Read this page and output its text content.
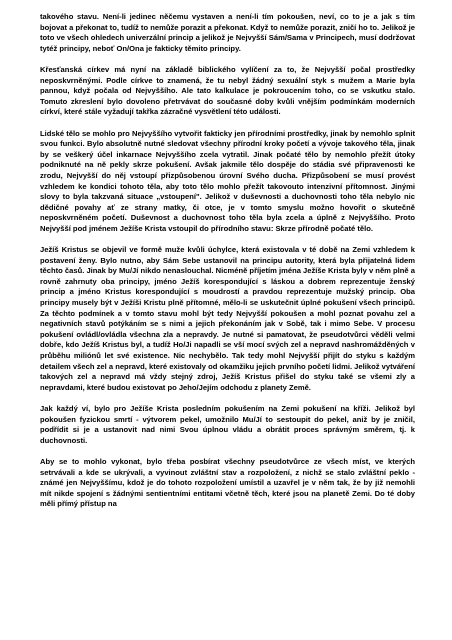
takového stavu. Není-li jedinec něčemu vystaven a není-li tím pokoušen, neví, co to je a jak s tím bojovat a překonat to, tudíž to nemůže porazit a překonat. Když to nemůže porazit, zničí ho to. Jelikož je toto ve všech ohledech univerzální princip a jelikož je Nejvyšší Sám/Sama v Principech, musí dodržovat tytéž principy, neboť On/Ona je fakticky těmito principy.

Křesťanská církev má nyní na základě biblického vylíčení za to, že Nejvyšší počal prostředky neposkvrněnými. Podle církve to znamená, že tu nebyl žádný sexuální styk s mužem a Marie byla pannou, když počala od Nejvyššího. Ale tato kalkulace je pokroucením toho, co se vskutku stalo. Tomuto zkreslení bylo dovoleno přetrvávat do současné doby kvůli vnějším podmínkám moderních církví, které stále vyžadují takřka zázračné vysvětlení této události.

Lidské tělo se mohlo pro Nejvyššího vytvořit fakticky jen přírodními prostředky, jinak by nemohlo splnit svou funkci. Bylo absolutně nutné sledovat všechny přírodní kroky početí a vývoje takového těla, jinak by se veškerý účel inkarnace Nejvyššího zcela vytratil. Jinak počaté tělo by nemohlo přežít útoky podniknuté na ně pekly skrze pokušení. Avšak jakmile tělo dospěje do stádia své připravenosti ke zrodu, Nejvyšší do něj vstoupí přizpůsobenou úrovní Svého ducha. Přizpůsobení se musí provést vzhledem ke kondici tohoto těla, aby toto tělo mohlo přežít takovouto intenzivní přítomnost. Jinými slovy to byla takzvaná situace „vstoupení". Jelikož v duševnosti a duchovnosti toho těla nebylo nic dědičné povahy ať ze strany matky, či otce, je v tomto smyslu možno hovořit o skutečně neposkvrněném početí. Duševnost a duchovnost toho těla byla zcela a úplně z Nejvyššího. Proto Nejvyšší pod jménem Ježíše Krista vstoupil do přírodního stavu: Skrze přírodně počaté tělo.

Ježíš Kristus se objevil ve formě muže kvůli úchylce, která existovala v té době na Zemi vzhledem k postavení ženy. Bylo nutno, aby Sám Sebe ustanovil na principu autority, která byla přijatelná lidem těchto časů. Jinak by Mu/Jí nikdo nenaslouchal. Nicméně příjetím jména Ježíše Krista byly v něm plně a rovně zahrnuty oba principy, jméno Ježíš korespondující s láskou a dobrem reprezentuje ženský princip a jméno Kristus korespondující s moudrostí a pravdou reprezentuje mužský princip. Oba principy musely být v Ježíši Kristu plně přítomné, mělo-li se uskutečnit úplné pokušení všech principů. Za těchto podmínek a v tomto stavu mohl být tedy Nejvyšší pokoušen a mohl poznat povahu zel a negativních stavů potýkáním se s nimi a jejich překonáním jak v Sobě, tak i mimo Sebe. V procesu pokušení ovládl/ovládla všechna zla a nepravdy. Je nutné si pamatovat, že pseudotvůrci věděli velmi dobře, kdo Ježíš Kristus byl, a tudíž Ho/Ji napadli se vší mocí svých zel a nepravd nashromážděných v průběhu miliónů let své existence. Nic nechybělo. Tak tedy mohl Nejvyšší přijít do styku s každým detailem všech zel a nepravd, které existovaly od okamžiku jejich prvního početí lidmi. Jelikož vytváření takových zel a nepravd má vždy stejný zdroj, Ježíš Kristus přišel do styku také se všemi zly a nepravdami, které budou existovat po Jeho/Jejím odchodu z planety Země.

Jak každý ví, bylo pro Ježíše Krista posledním pokušením na Zemi pokušení na kříži. Jelikož byl pokoušen fyzickou smrtí - výtvorem pekel, umožnilo Mu/Jí to sestoupit do pekel, aniž by je zničil, podřídit si je a ustanovit nad nimi Svou úplnou vládu a obrátit proces správným směrem, tj. k duchovnosti.

Aby se to mohlo vykonat, bylo třeba posbírat všechny pseudotvůrce ze všech míst, ve kterých setrvávali a kde se ukrývali, a vyvinout zvláštní stav a rozpoložení, z nichž se stalo zvláštní peklo - známé jen Nejvyššímu, kdož je do tohoto rozpoložení umístil a uzavřel je v něm tak, že by již nemohli mít nikde spojení s žádnými sentientními entitami včetně těch, které jsou na planetě Zemi. Do té doby měli přímý přístup na
